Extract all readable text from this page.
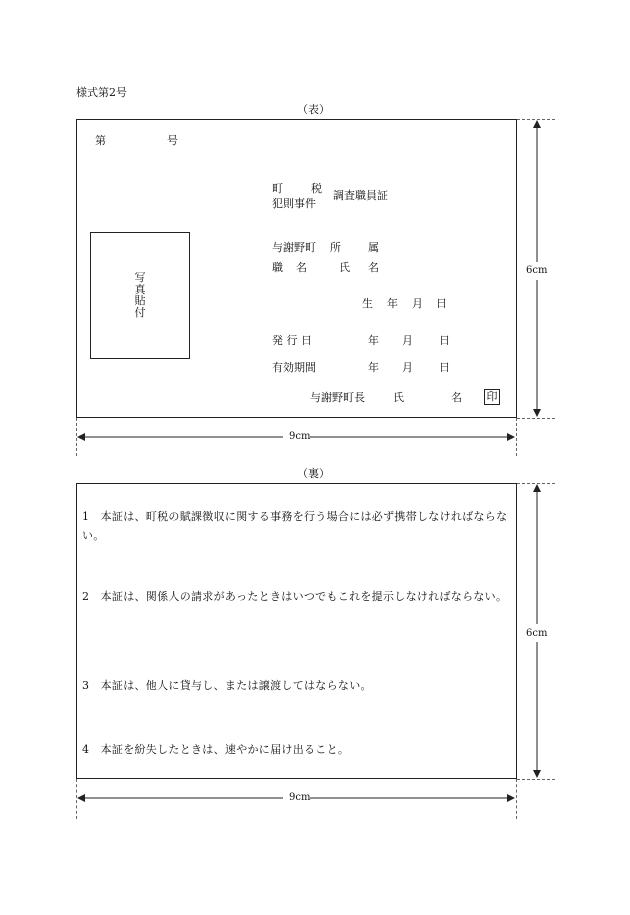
様式第2号
（表）
第	号
町	税
犯則事件
調査職員証
写真貼付
与謝野町 所 属
職 名	氏 名
生 年 月 日
発 行 日	年 月 日
有効期間	年 月 日
与謝野町長	氏	名 印
6cm
9cm
（裏）
1　本証は、町税の賦課徴収に関する事務を行う場合には必ず携帯しなければならない。
2　本証は、関係人の請求があったときはいつでもこれを提示しなければならない。
3　本証は、他人に貸与し、または譲渡してはならない。
4　本証を紛失したときは、速やかに届け出ること。
6cm
9cm
